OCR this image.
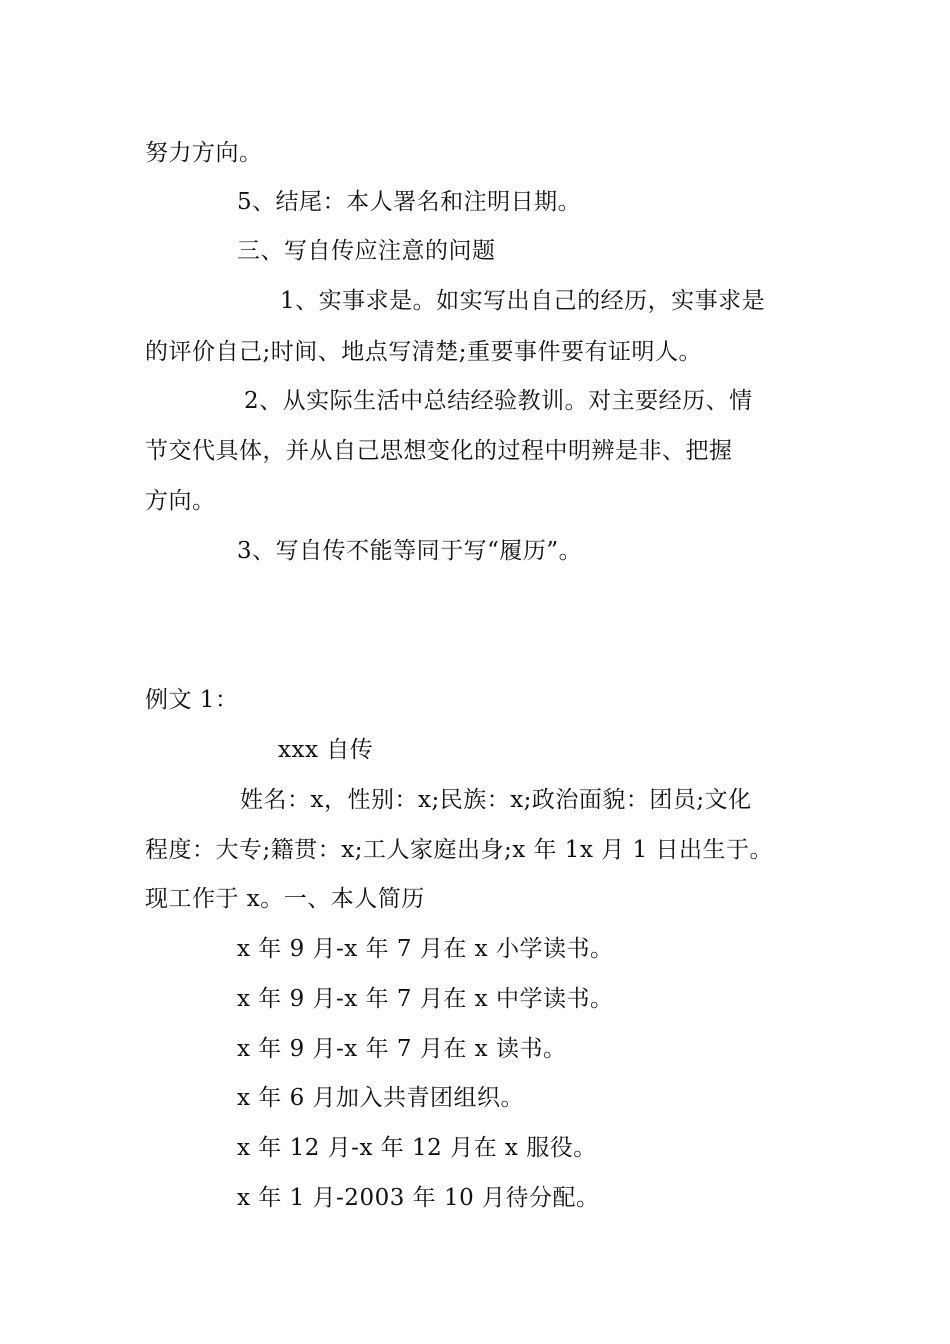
努力方向。
5、结尾：本人署名和注明日期。
三、写自传应注意的问题
1、实事求是。如实写出自己的经历，实事求是
的评价自己;时间、地点写清楚;重要事件要有证明人。
2、从实际生活中总结经验教训。对主要经历、情
节交代具体，并从自己思想变化的过程中明辨是非、把握
方向。
3、写自传不能等同于写“履历”。
例文 1：
xxx 自传
姓名：x，性别：x;民族：x;政治面貌：团员;文化
程度：大专;籍贯：x;工人家庭出身;x 年 1x 月 1 日出生于。
现工作于 x。一、本人简历
x 年 9 月-x 年 7 月在 x 小学读书。
x 年 9 月-x 年 7 月在 x 中学读书。
x 年 9 月-x 年 7 月在 x 读书。
x 年 6 月加入共青团组织。
x 年 12 月-x 年 12 月在 x 服役。
x 年 1 月-2003 年 10 月待分配。
